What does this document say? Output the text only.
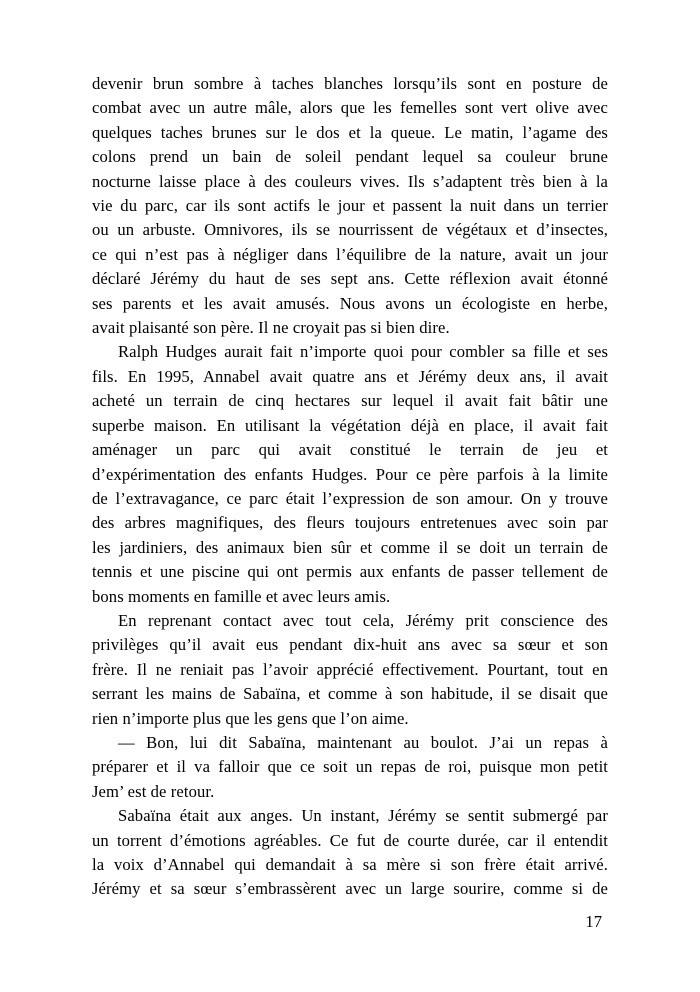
devenir brun sombre à taches blanches lorsqu’ils sont en posture de
combat avec un autre mâle, alors que les femelles sont vert olive avec
quelques taches brunes sur le dos et la queue. Le matin, l’agame des
colons prend un bain de soleil pendant lequel sa couleur brune
nocturne laisse place à des couleurs vives. Ils s’adaptent très bien à la
vie du parc, car ils sont actifs le jour et passent la nuit dans un terrier
ou un arbuste. Omnivores, ils se nourrissent de végétaux et d’insectes,
ce qui n’est pas à négliger dans l’équilibre de la nature, avait un jour
déclaré Jérémy du haut de ses sept ans. Cette réflexion avait étonné
ses parents et les avait amusés. Nous avons un écologiste en herbe,
avait plaisanté son père. Il ne croyait pas si bien dire.
Ralph Hudges aurait fait n’importe quoi pour combler sa fille et ses
fils. En 1995, Annabel avait quatre ans et Jérémy deux ans, il avait
acheté un terrain de cinq hectares sur lequel il avait fait bâtir une
superbe maison. En utilisant la végétation déjà en place, il avait fait
aménager un parc qui avait constitué le terrain de jeu et
d’expérimentation des enfants Hudges. Pour ce père parfois à la limite
de l’extravagance, ce parc était l’expression de son amour. On y trouve
des arbres magnifiques, des fleurs toujours entretenues avec soin par
les jardiniers, des animaux bien sûr et comme il se doit un terrain de
tennis et une piscine qui ont permis aux enfants de passer tellement de
bons moments en famille et avec leurs amis.
En reprenant contact avec tout cela, Jérémy prit conscience des
privilèges qu’il avait eus pendant dix-huit ans avec sa sœur et son
frère. Il ne reniait pas l’avoir apprécié effectivement. Pourtant, tout en
serrant les mains de Sabaïna, et comme à son habitude, il se disait que
rien n’importe plus que les gens que l’on aime.
— Bon, lui dit Sabaïna, maintenant au boulot. J’ai un repas à
préparer et il va falloir que ce soit un repas de roi, puisque mon petit
Jem’ est de retour.
Sabaïna était aux anges. Un instant, Jérémy se sentit submergé par
un torrent d’émotions agréables. Ce fut de courte durée, car il entendit
la voix d’Annabel qui demandait à sa mère si son frère était arrivé.
Jérémy et sa sœur s’embrassèrent avec un large sourire, comme si de
17
